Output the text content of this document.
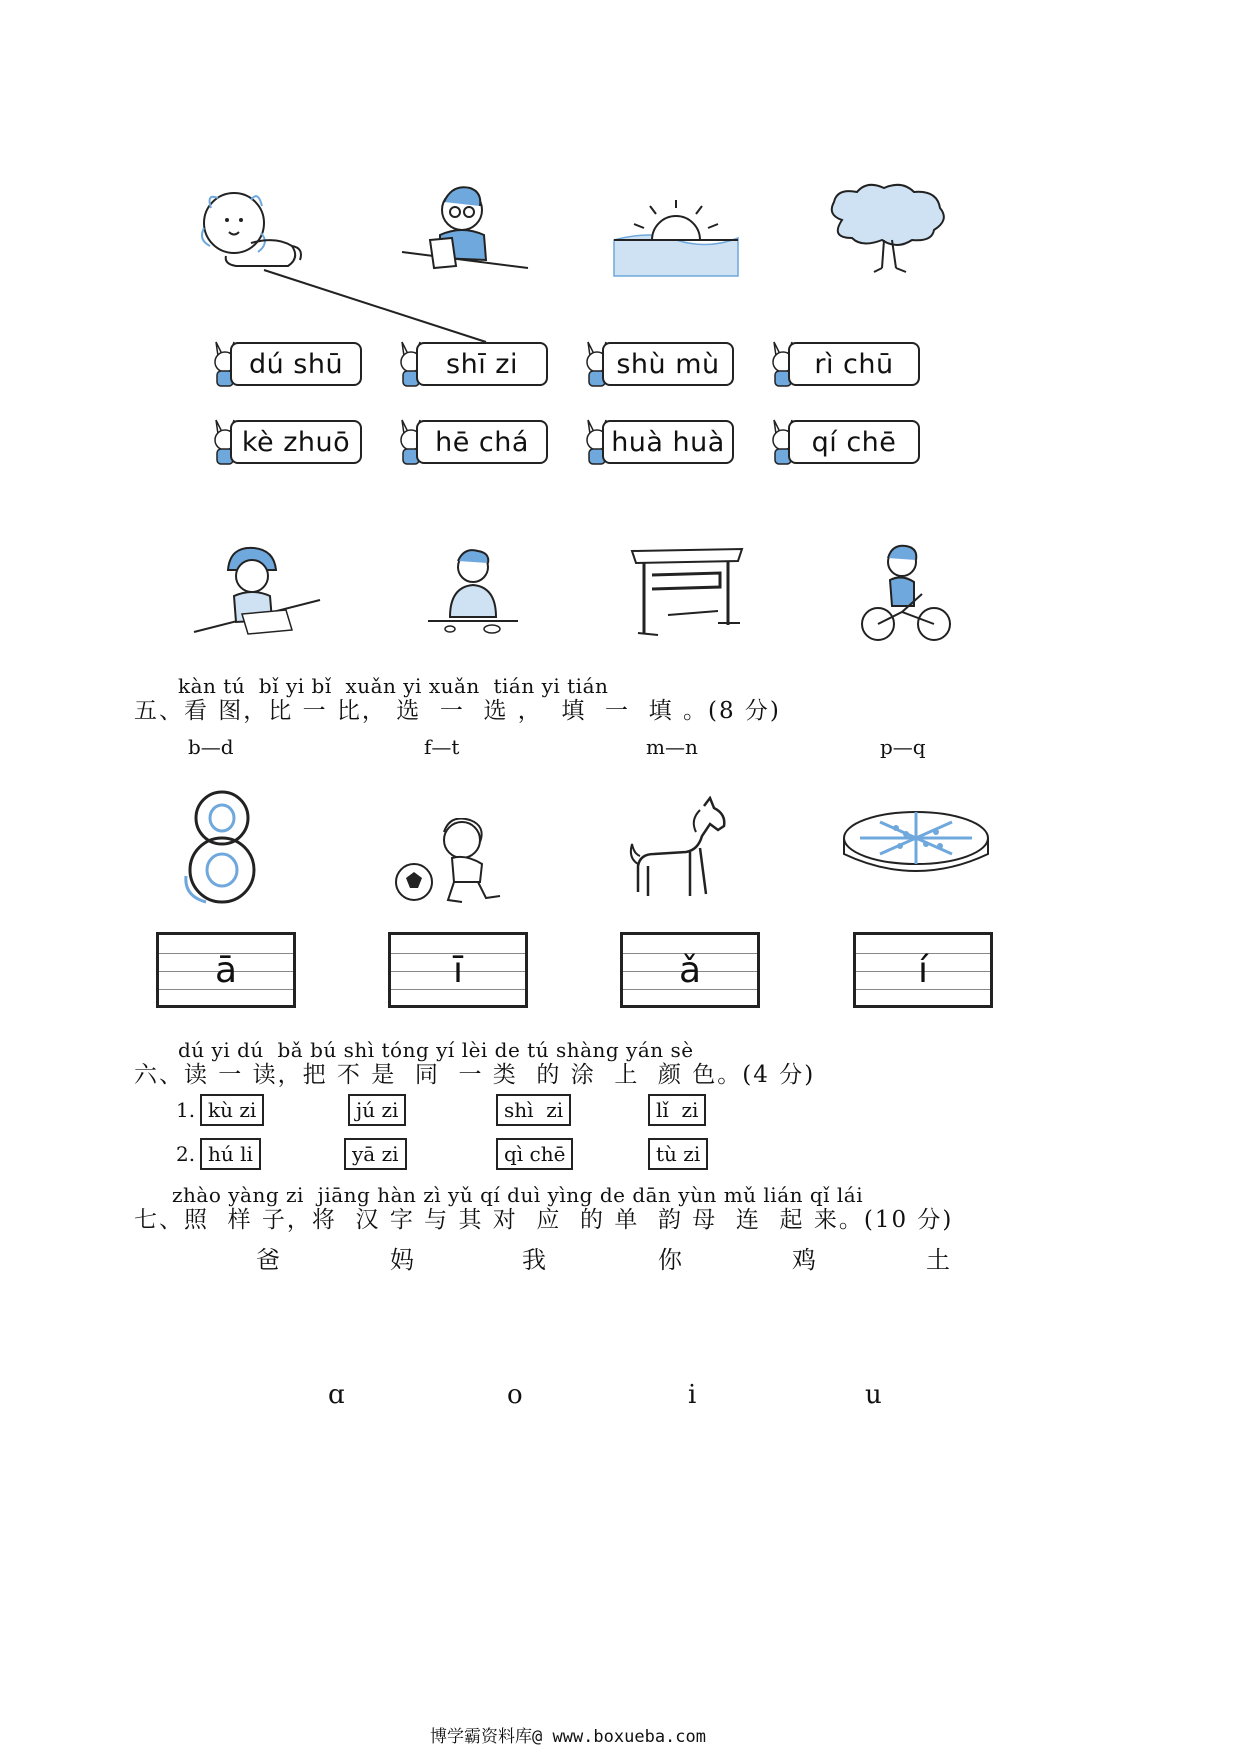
dú shū	shī zi	shù mù	rì chū
kè zhuō	hē chá	huà huà	qí chē
kàn tú  bǐ yi bǐ  xuǎn yi xuǎn  tián yi tián
五、看 图，比 一 比， 选  一  选 ，  填  一  填 。(8 分)
b—d	f—t	m—n	p—q
ā	ī	ǎ	í
dú yi dú  bǎ bú shì tóng yí lèi de tú shàng yán sè
六、读 一 读，把 不 是  同  一 类  的 涂  上  颜 色。(4 分)
1. kù zi	jú zi	shì  zi	lǐ  zi
2. hú li	yā zi	qì chē	tù zi
zhào yàng zi  jiāng hàn zì yǔ qí duì yìng de dān yùn mǔ lián qǐ lái
七、照  样 子，将  汉 字 与 其 对  应  的 单  韵 母  连  起 来。(10 分)
爸	妈	我	你	鸡	土
ɑ	o	i	u
博学霸资料库@ www.boxueba.com
